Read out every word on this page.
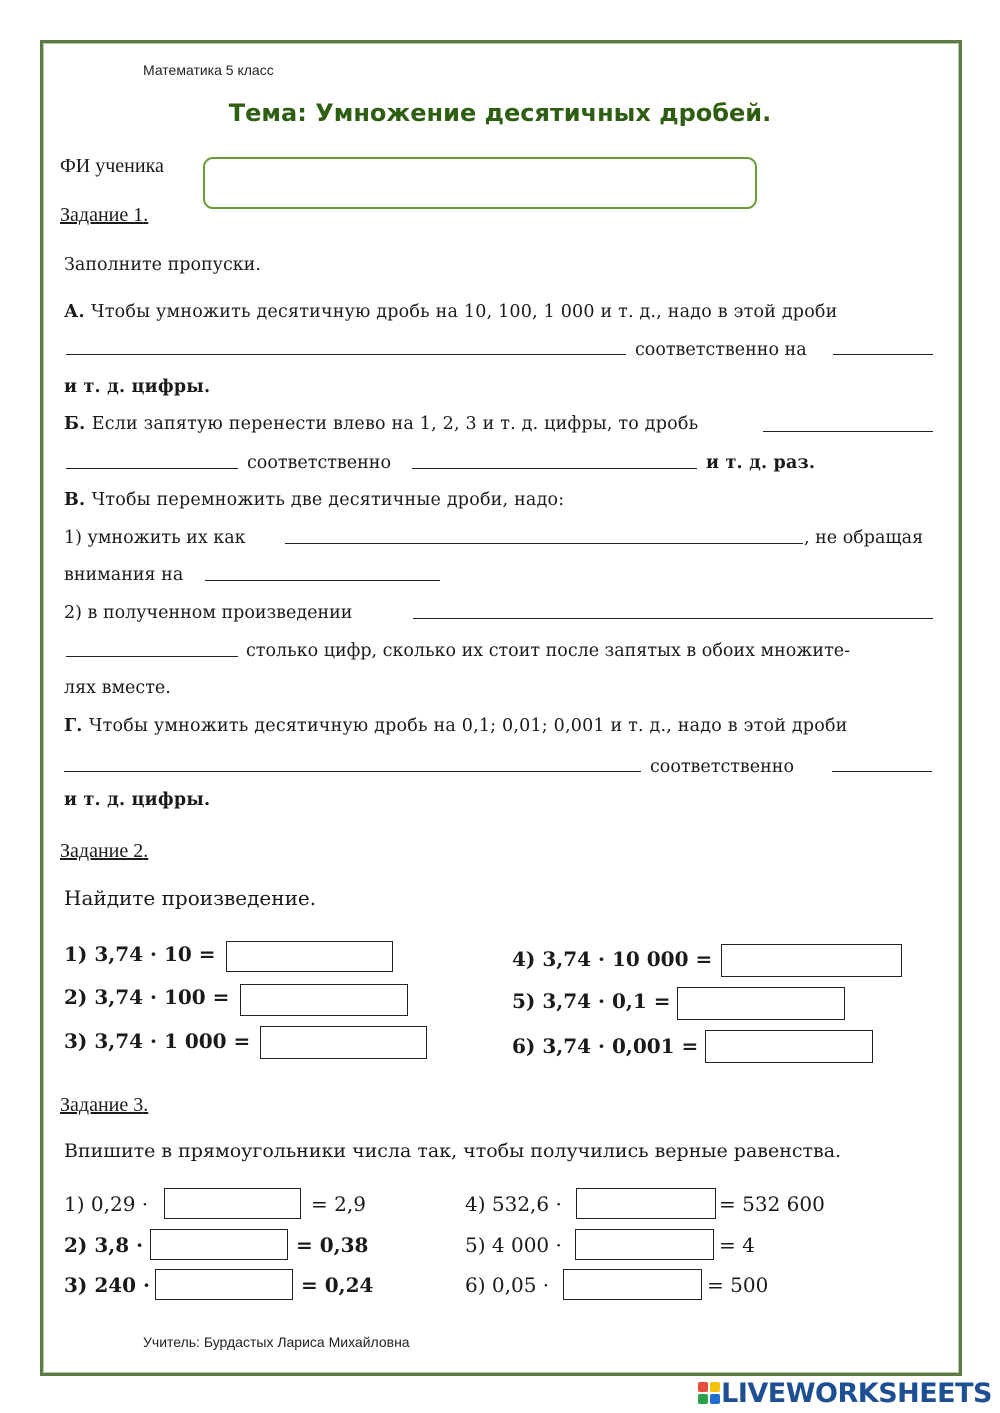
Математика 5 класс
Тема: Умножение десятичных дробей.
ФИ ученика
Задание 1.
Заполните пропуски.
А. Чтобы умножить десятичную дробь на 10, 100, 1 000 и т. д., надо в этой дроби
соответственно на
и т. д. цифры.
Б. Если запятую перенести влево на 1, 2, 3 и т. д. цифры, то дробь
соответственно	и т. д. раз.
В. Чтобы перемножить две десятичные дроби, надо:
1) умножить их как	, не обращая
внимания на
2) в полученном произведении
столько цифр, сколько их стоит после запятых в обоих множите-
лях вместе.
Г. Чтобы умножить десятичную дробь на 0,1; 0,01; 0,001 и т. д., надо в этой дроби
соответственно
и т. д. цифры.
Задание 2.
Найдите произведение.
1) 3,74 · 10 =
2) 3,74 · 100 =
3) 3,74 · 1 000 =
4) 3,74 · 10 000 =
5) 3,74 · 0,1 =
6) 3,74 · 0,001 =
Задание 3.
Впишите в прямоугольники числа так, чтобы получились верные равенства.
1) 0,29 ·	= 2,9
2) 3,8 ·	= 0,38
3) 240 ·	= 0,24
4) 532,6 ·	= 532 600
5) 4 000 ·	= 4
6) 0,05 ·	= 500
Учитель: Бурдастых Лариса Михайловна
LIVEWORKSHEETS
